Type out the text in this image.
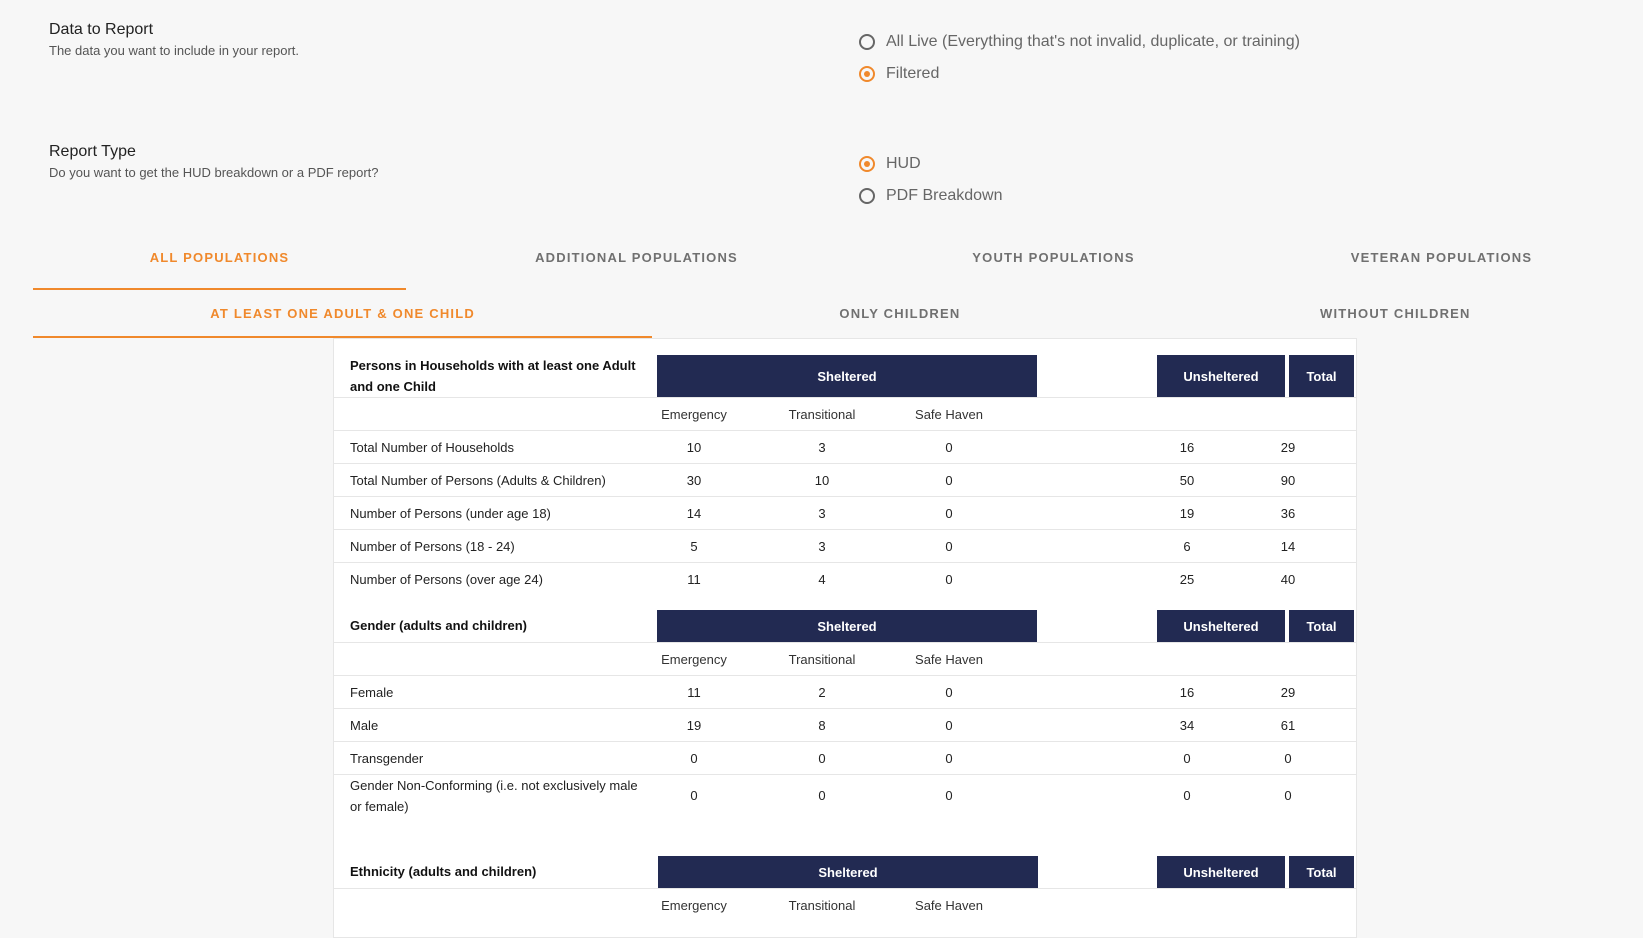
Data to Report
The data you want to include in your report.
All Live (Everything that's not invalid, duplicate, or training)
Filtered
Report Type
Do you want to get the HUD breakdown or a PDF report?
HUD
PDF Breakdown
ALL POPULATIONS	ADDITIONAL POPULATIONS	YOUTH POPULATIONS	VETERAN POPULATIONS
AT LEAST ONE ADULT & ONE CHILD	ONLY CHILDREN	WITHOUT CHILDREN
Persons in Households with at least one Adult and one Child
Sheltered	Unsheltered	Total
Emergency	Transitional	Safe Haven
Total Number of Households	10	3	0	16	29
Total Number of Persons (Adults & Children)	30	10	0	50	90
Number of Persons (under age 18)	14	3	0	19	36
Number of Persons (18 - 24)	5	3	0	6	14
Number of Persons (over age 24)	11	4	0	25	40
Gender (adults and children)	Sheltered	Unsheltered	Total
Emergency	Transitional	Safe Haven
Female	11	2	0	16	29
Male	19	8	0	34	61
Transgender	0	0	0	0	0
Gender Non-Conforming (i.e. not exclusively male or female)
0	0	0	0	0
Ethnicity (adults and children)	Sheltered	Unsheltered	Total
Emergency	Transitional	Safe Haven
